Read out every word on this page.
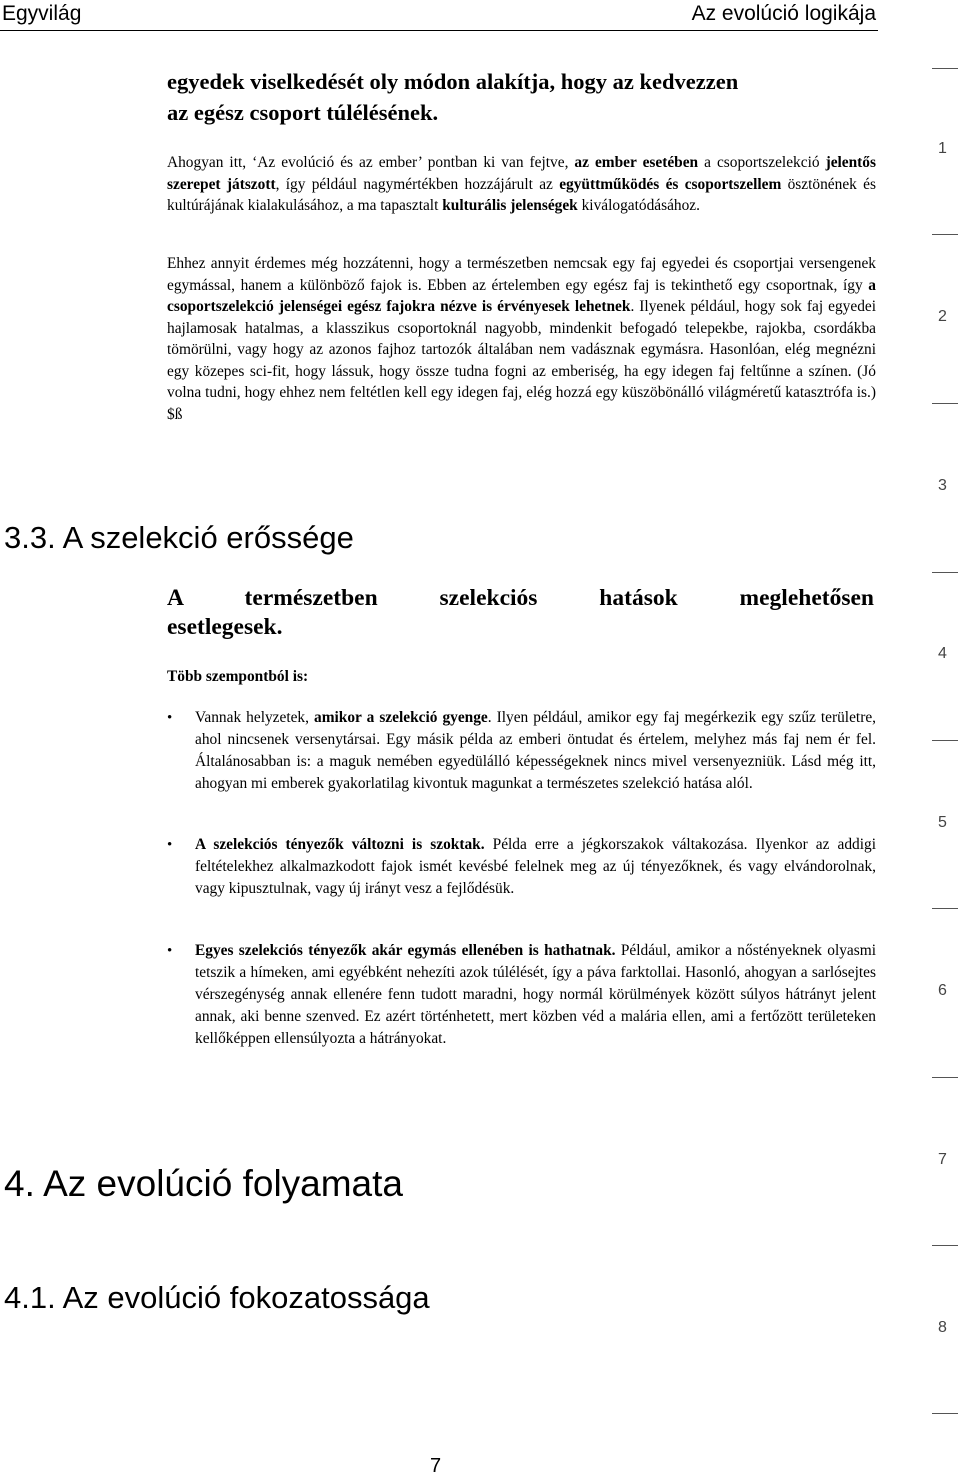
Egyvilág	Az evolúció logikája
1
2
3
4
5
6
7
8
egyedek viselkedését oly módon alakítja, hogy az kedvezzen
az egész csoport túlélésének.
Ahogyan itt, ‘Az evolúció és az ember’ pontban ki van fejtve, az ember esetében a csoportszelekció jelentős szerepet játszott, így például nagymértékben hozzájárult az együttműködés és csoportszellem ösztönének és kultúrájának kialakulásához, a ma tapasztalt kulturális jelenségek kiválogatódásához.
Ehhez annyit érdemes még hozzátenni, hogy a természetben nemcsak egy faj egyedei és csoportjai versengenek egymással, hanem a különböző fajok is. Ebben az értelemben egy egész faj is tekinthető egy csoportnak, így a csoportszelekció jelenségei egész fajokra nézve is érvényesek lehetnek. Ilyenek például, hogy sok faj egyedei hajlamosak hatalmas, a klasszikus csoportoknál nagyobb, mindenkit befogadó telepekbe, rajokba, csordákba tömörülni, vagy hogy az azonos fajhoz tartozók általában nem vadásznak egymásra. Hasonlóan, elég megnézni egy közepes sci-fit, hogy lássuk, hogy össze tudna fogni az emberiség, ha egy idegen faj feltűnne a színen. (Jó volna tudni, hogy ehhez nem feltétlen kell egy idegen faj, elég hozzá egy küszöbönálló világméretű katasztrófa is.) $ß
3.3. A szelekció erőssége
A természetben szelekciós hatások meglehetősen
esetlegesek.
Több szempontból is:
•	Vannak helyzetek, amikor a szelekció gyenge. Ilyen például, amikor egy faj megérkezik egy szűz területre, ahol nincsenek versenytársai. Egy másik példa az emberi öntudat és értelem, melyhez más faj nem ér fel. Általánosabban is: a maguk nemében egyedülálló képességeknek nincs mivel versenyezniük. Lásd még itt, ahogyan mi emberek gyakorlatilag kivontuk magunkat a természetes szelekció hatása alól.
•	A szelekciós tényezők változni is szoktak. Példa erre a jégkorszakok váltakozása. Ilyenkor az addigi feltételekhez alkalmazkodott fajok ismét kevésbé felelnek meg az új tényezőknek, és vagy elvándorolnak, vagy kipusztulnak, vagy új irányt vesz a fejlődésük.
•	Egyes szelekciós tényezők akár egymás ellenében is hathatnak. Például, amikor a nőstényeknek olyasmi tetszik a hímeken, ami egyébként nehezíti azok túlélését, így a páva farktollai. Hasonló, ahogyan a sarlósejtes vérszegénység annak ellenére fenn tudott maradni, hogy normál körülmények között súlyos hátrányt jelent annak, aki benne szenved. Ez azért történhetett, mert közben véd a malária ellen, ami a fertőzött területeken kellőképpen ellensúlyozta a hátrányokat.
4. Az evolúció folyamata
4.1. Az evolúció fokozatossága
7
